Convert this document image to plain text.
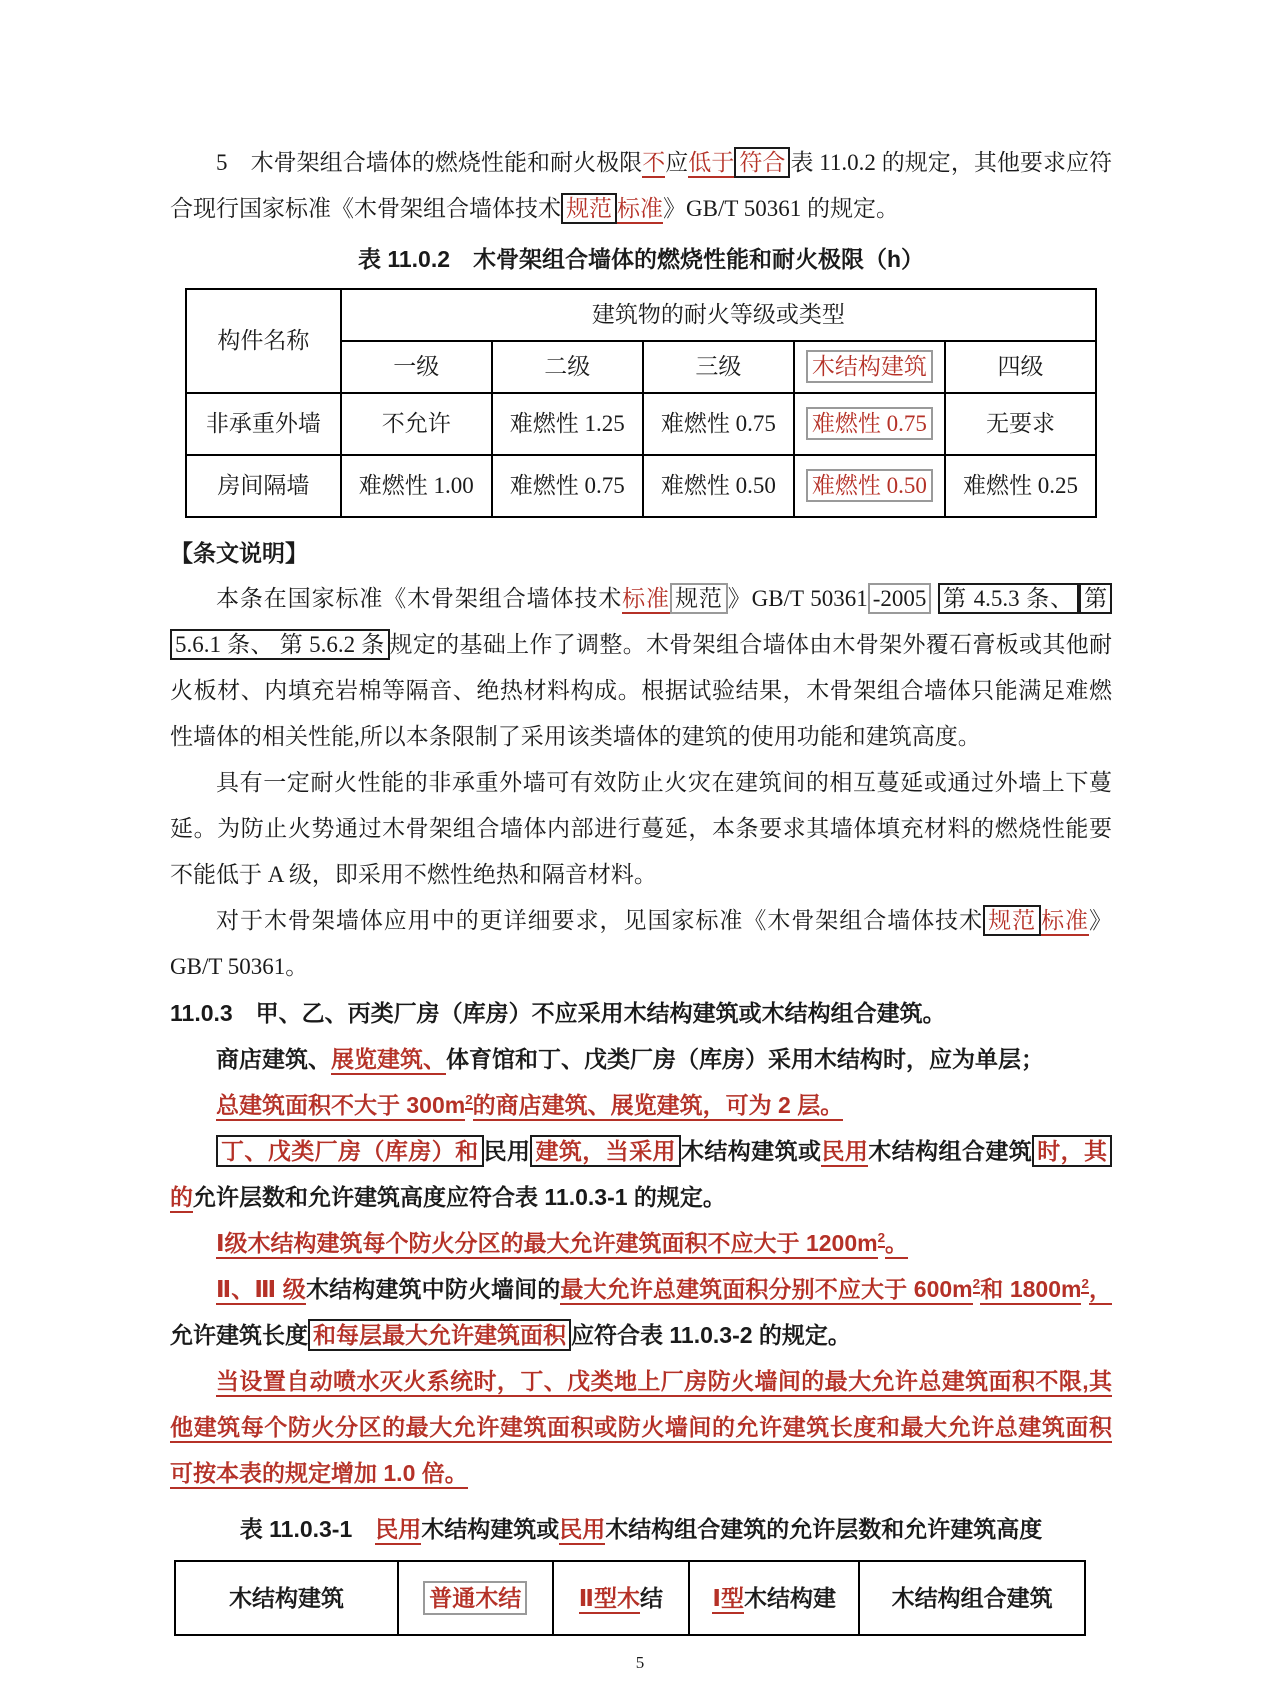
5　木骨架组合墙体的燃烧性能和耐火极限不应低于 符合 表 11.0.2 的规定，其他要求应符合现行国家标准《木骨架组合墙体技术 规范 标准》GB/T 50361 的规定。

表 11.0.2　木骨架组合墙体的燃烧性能和耐火极限（h）

构件名称	建筑物的耐火等级或类型				
	一级	二级	三级	木结构建筑	四级
非承重外墙	不允许	难燃性 1.25	难燃性 0.75	难燃性 0.75	无要求
房间隔墙	难燃性 1.00	难燃性 0.75	难燃性 0.50	难燃性 0.50	难燃性 0.25

【条文说明】

本条在国家标准《木骨架组合墙体技术标准 规范 》GB/T 50361 -2005 第 4.5.3 条、 第 5.6.1 条、 第 5.6.2 条 规定的基础上作了调整。木骨架组合墙体由木骨架外覆石膏板或其他耐火板材、内填充岩棉等隔音、绝热材料构成。根据试验结果，木骨架组合墙体只能满足难燃性墙体的相关性能,所以本条限制了采用该类墙体的建筑的使用功能和建筑高度。

具有一定耐火性能的非承重外墙可有效防止火灾在建筑间的相互蔓延或通过外墙上下蔓延。为防止火势通过木骨架组合墙体内部进行蔓延，本条要求其墙体填充材料的燃烧性能要不能低于 A 级，即采用不燃性绝热和隔音材料。

对于木骨架墙体应用中的更详细要求，见国家标准《木骨架组合墙体技术 规范 标准》GB/T 50361。

11.0.3　甲、乙、丙类厂房（库房）不应采用木结构建筑或木结构组合建筑。

商店建筑、展览建筑、体育馆和丁、戊类厂房（库房）采用木结构时，应为单层；

总建筑面积不大于 $300m^2$的商店建筑、展览建筑，可为 2 层。

丁、戊类厂房（库房）和 民用 建筑，当采用 木结构建筑或民用木结构组合建筑 时，其的允许层数和允许建筑高度应符合表 11.0.3-1 的规定。

Ⅰ级木结构建筑每个防火分区的最大允许建筑面积不应大于 $1200m^2$。

Ⅱ、Ⅲ 级木结构建筑中防火墙间的最大允许总建筑面积分别不应大于 $600m^2$和 $1800m^2$，允许建筑长度 和每层最大允许建筑面积 应符合表 11.0.3-2 的规定。

当设置自动喷水灭火系统时，丁、戊类地上厂房防火墙间的最大允许总建筑面积不限,其他建筑每个防火分区的最大允许建筑面积或防火墙间的允许建筑长度和最大允许总建筑面积可按本表的规定增加 1.0 倍。

表 11.0.3-1　民用木结构建筑或民用木结构组合建筑的允许层数和允许建筑高度

木结构建筑	普通木结	Ⅱ型木结	Ⅰ型木结构建	木结构组合建筑
5
